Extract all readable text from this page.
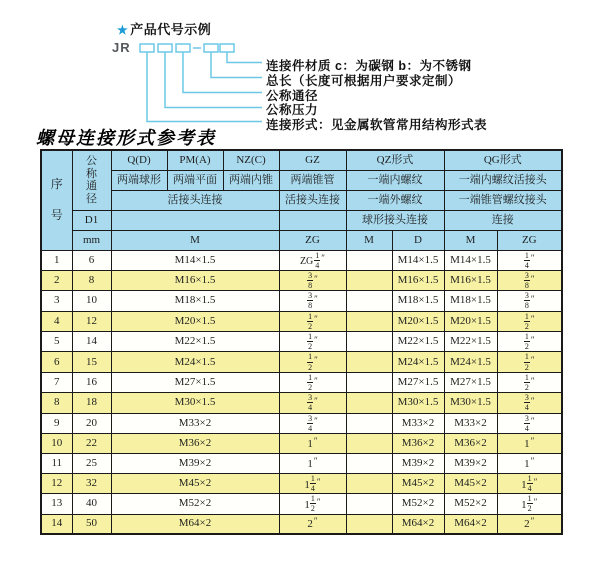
★ 产品代号示例
JR
连接件材质 c：为碳钢 b：为不锈钢
总长（长度可根据用户要求定制）
公称通径
公称压力
连接形式：见金属软管常用结构形式表
螺母连接形式参考表
序号	公称通径	Q(D)	PM(A)	NZ(C)	GZ	QZ形式		QG形式	
		两端球形	两端平面	两端内锥	两端锥管	一端内螺纹		一端内螺纹活接头	
		活接头连接			活接头连接	一端外螺纹		一端锥管螺纹接头	
	D1					球形接头连接		连接	
	mm	M			ZG	M	D	M	ZG
1	6	M14×1.5			ZG $\frac{1}{4} ''$		M14×1.5	M14×1.5	$\frac{1}{4} ''$
2	8	M16×1.5			$\frac{3}{8} ''$		M16×1.5	M16×1.5	$\frac{3}{8} ''$
3	10	M18×1.5			$\frac{3}{8} ''$		M18×1.5	M18×1.5	$\frac{3}{8} ''$
4	12	M20×1.5			$\frac{1}{2} ''$		M20×1.5	M20×1.5	$\frac{1}{2} ''$
5	14	M22×1.5			$\frac{1}{2} ''$		M22×1.5	M22×1.5	$\frac{1}{2} ''$
6	15	M24×1.5			$\frac{1}{2} ''$		M24×1.5	M24×1.5	$\frac{1}{2} ''$
7	16	M27×1.5			$\frac{1}{2} ''$		M27×1.5	M27×1.5	$\frac{1}{2} ''$
8	18	M30×1.5			$\frac{3}{4} ''$		M30×1.5	M30×1.5	$\frac{3}{4} ''$
9	20	M33×2			$\frac{3}{4} ''$		M33×2	M33×2	$\frac{3}{4} ''$
10	22	M36×2			1″		M36×2	M36×2	1″
11	25	M39×2			1″		M39×2	M39×2	1″
12	32	M45×2			$1 \frac{1}{4} ''$		M45×2	M45×2	$1 \frac{1}{4} ''$
13	40	M52×2			$1 \frac{1}{2} ''$		M52×2	M52×2	$1 \frac{1}{2} ''$
14	50	M64×2			2″		M64×2	M64×2	2″
